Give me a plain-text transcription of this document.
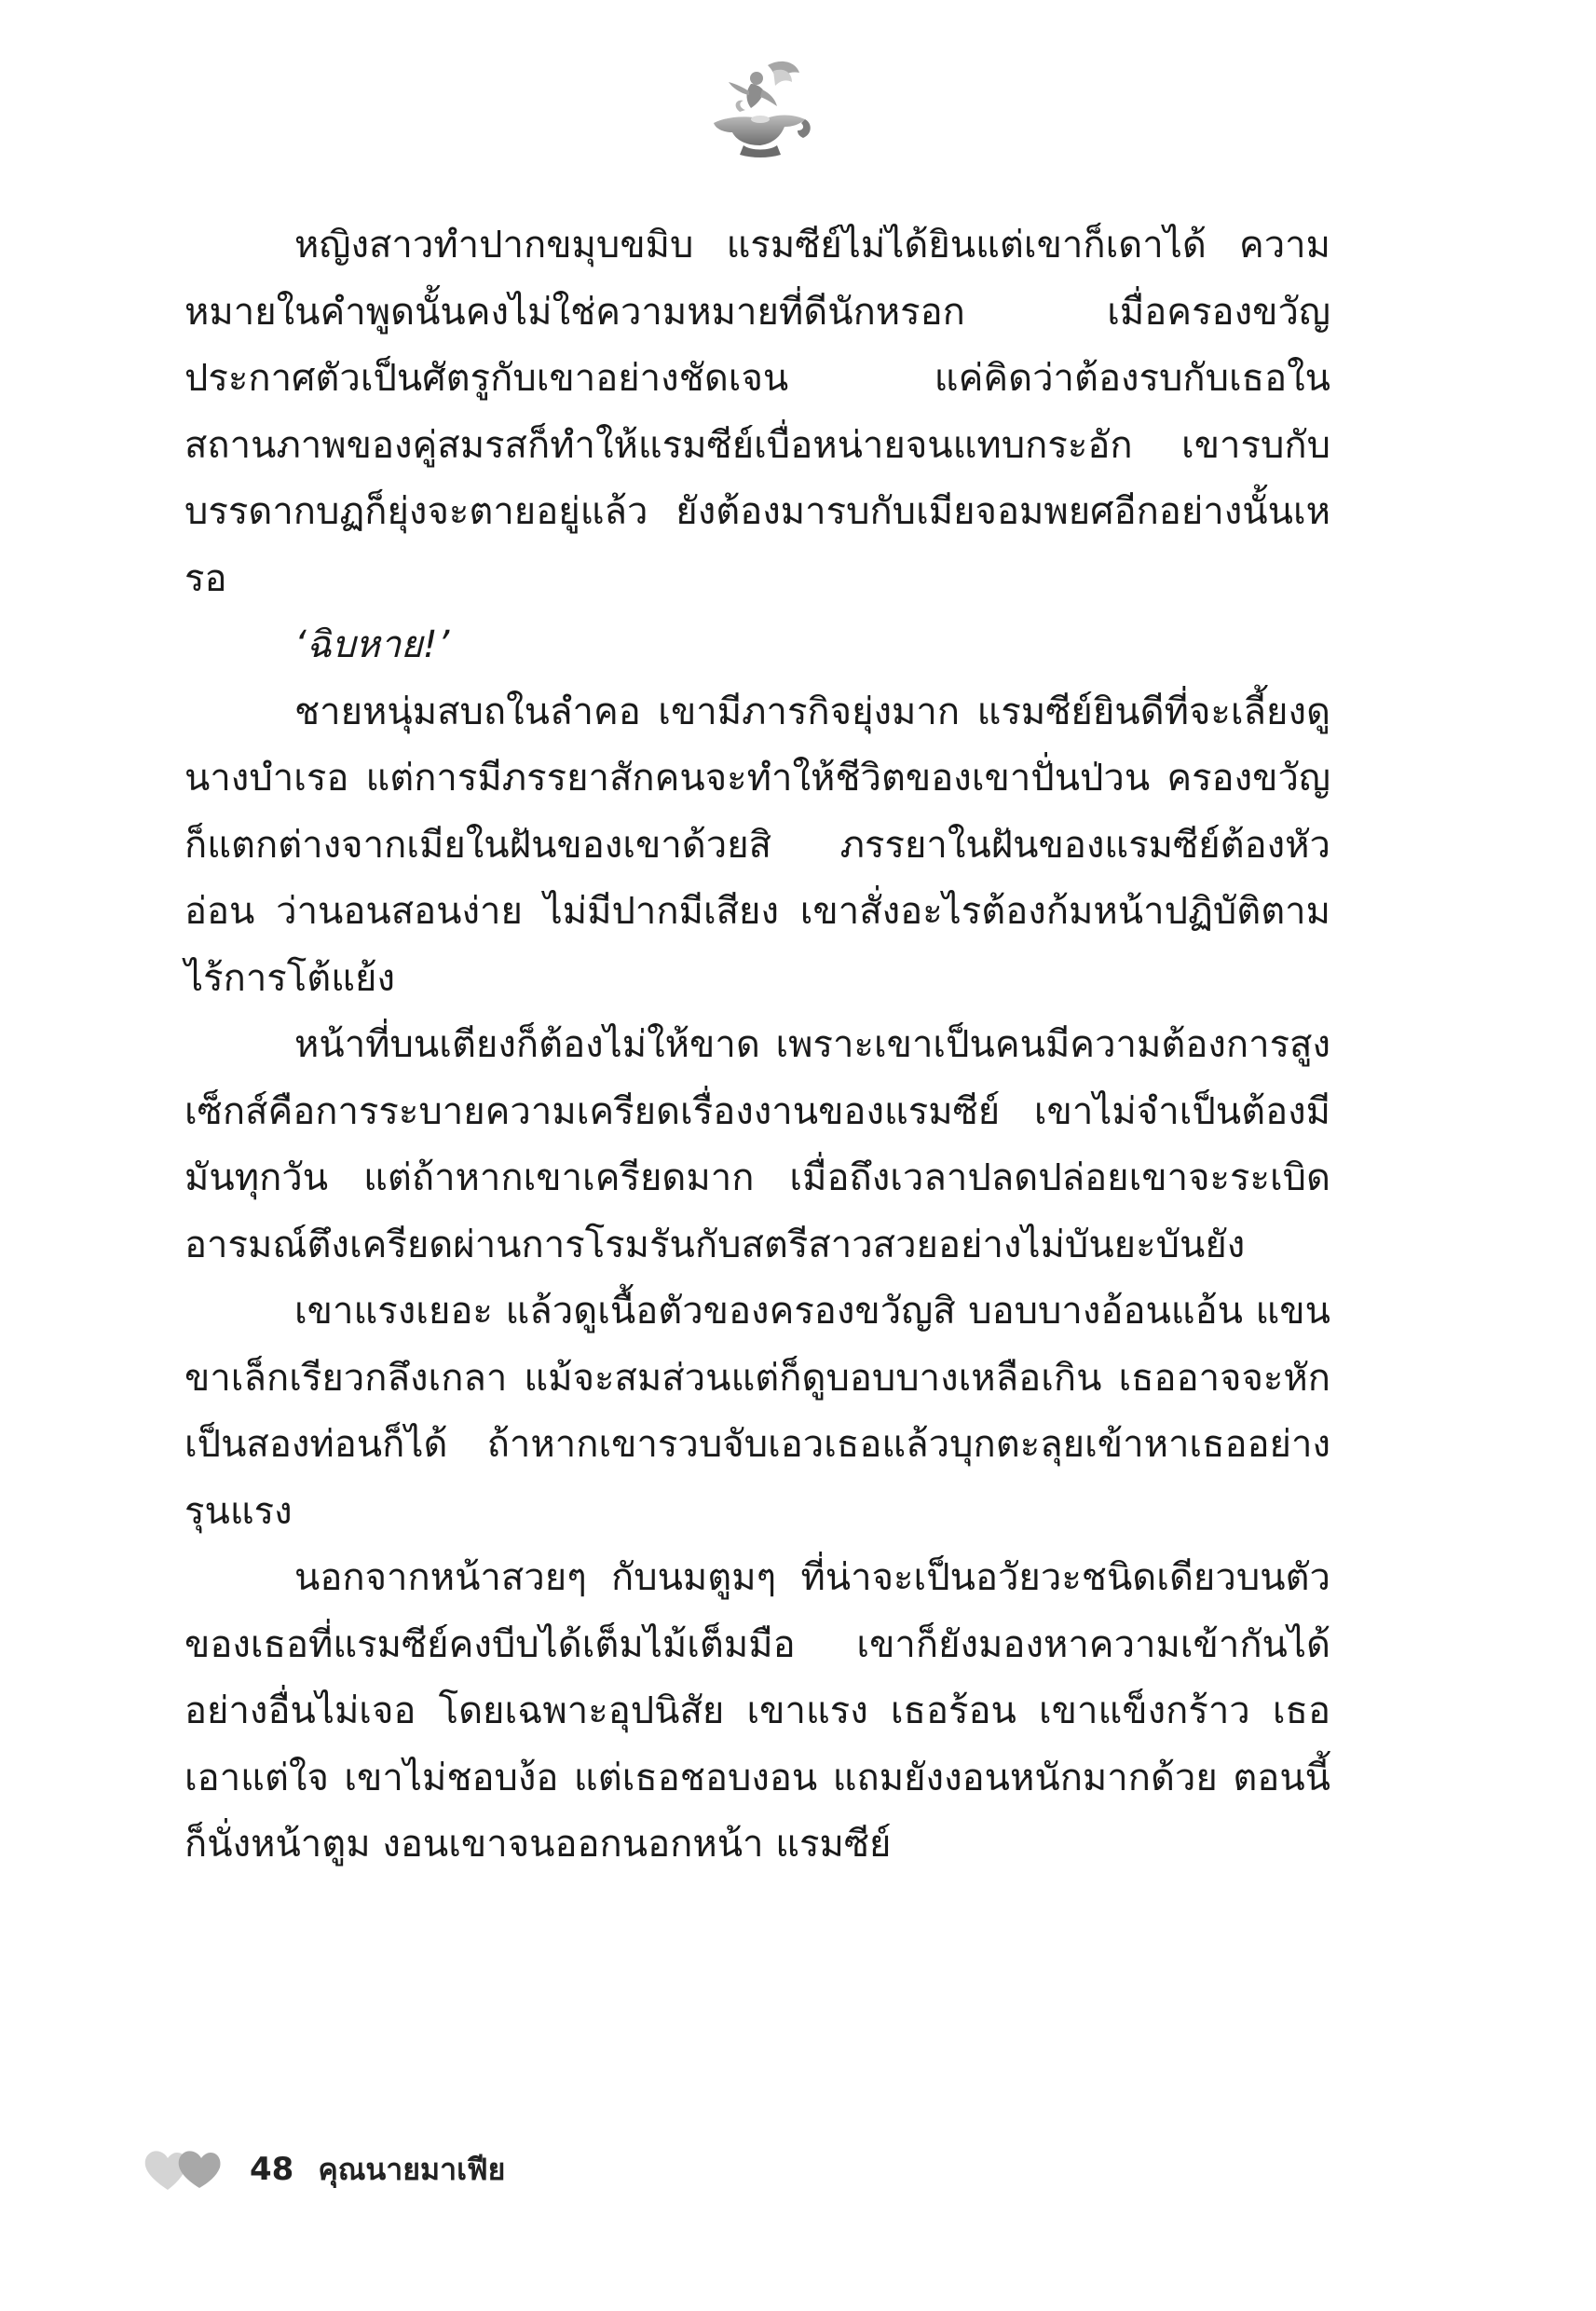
หญิงสาวทำปากขมุบขมิบ แรมซีย์ไม่ได้ยินแต่เขาก็เดาได้ ความหมายในคำพูดนั้นคงไม่ใช่ความหมายที่ดีนักหรอก เมื่อครองขวัญประกาศตัวเป็นศัตรูกับเขาอย่างชัดเจน แค่คิดว่าต้องรบกับเธอในสถานภาพของคู่สมรสก็ทำให้แรมซีย์เบื่อหน่ายจนแทบกระอัก เขารบกับบรรดากบฏก็ยุ่งจะตายอยู่แล้ว ยังต้องมารบกับเมียจอมพยศอีกอย่างนั้นเหรอ

‘ฉิบหาย!’

ชายหนุ่มสบถในลำคอ เขามีภารกิจยุ่งมาก แรมซีย์ยินดีที่จะเลี้ยงดูนางบำเรอ แต่การมีภรรยาสักคนจะทำให้ชีวิตของเขาปั่นป่วน ครองขวัญก็แตกต่างจากเมียในฝันของเขาด้วยสิ ภรรยาในฝันของแรมซีย์ต้องหัวอ่อน ว่านอนสอนง่าย ไม่มีปากมีเสียง เขาสั่งอะไรต้องก้มหน้าปฏิบัติตาม ไร้การโต้แย้ง

หน้าที่บนเตียงก็ต้องไม่ให้ขาด เพราะเขาเป็นคนมีความต้องการสูง เซ็กส์คือการระบายความเครียดเรื่องงานของแรมซีย์ เขาไม่จำเป็นต้องมีมันทุกวัน แต่ถ้าหากเขาเครียดมาก เมื่อถึงเวลาปลดปล่อยเขาจะระเบิดอารมณ์ตึงเครียดผ่านการโรมรันกับสตรีสาวสวยอย่างไม่บันยะบันยัง

เขาแรงเยอะ แล้วดูเนื้อตัวของครองขวัญสิ บอบบางอ้อนแอ้น แขนขาเล็กเรียวกลึงเกลา แม้จะสมส่วนแต่ก็ดูบอบบางเหลือเกิน เธออาจจะหักเป็นสองท่อนก็ได้ ถ้าหากเขารวบจับเอวเธอแล้วบุกตะลุยเข้าหาเธออย่างรุนแรง

นอกจากหน้าสวยๆ กับนมตูมๆ ที่น่าจะเป็นอวัยวะชนิดเดียวบนตัวของเธอที่แรมซีย์คงบีบได้เต็มไม้เต็มมือ เขาก็ยังมองหาความเข้ากันได้อย่างอื่นไม่เจอ โดยเฉพาะอุปนิสัย เขาแรง เธอร้อน เขาแข็งกร้าว เธอเอาแต่ใจ เขาไม่ชอบง้อ แต่เธอชอบงอน แถมยังงอนหนักมากด้วย ตอนนี้ก็นั่งหน้าตูม งอนเขาจนออกนอกหน้า แรมซีย์

48 คุณนายมาเฟีย
